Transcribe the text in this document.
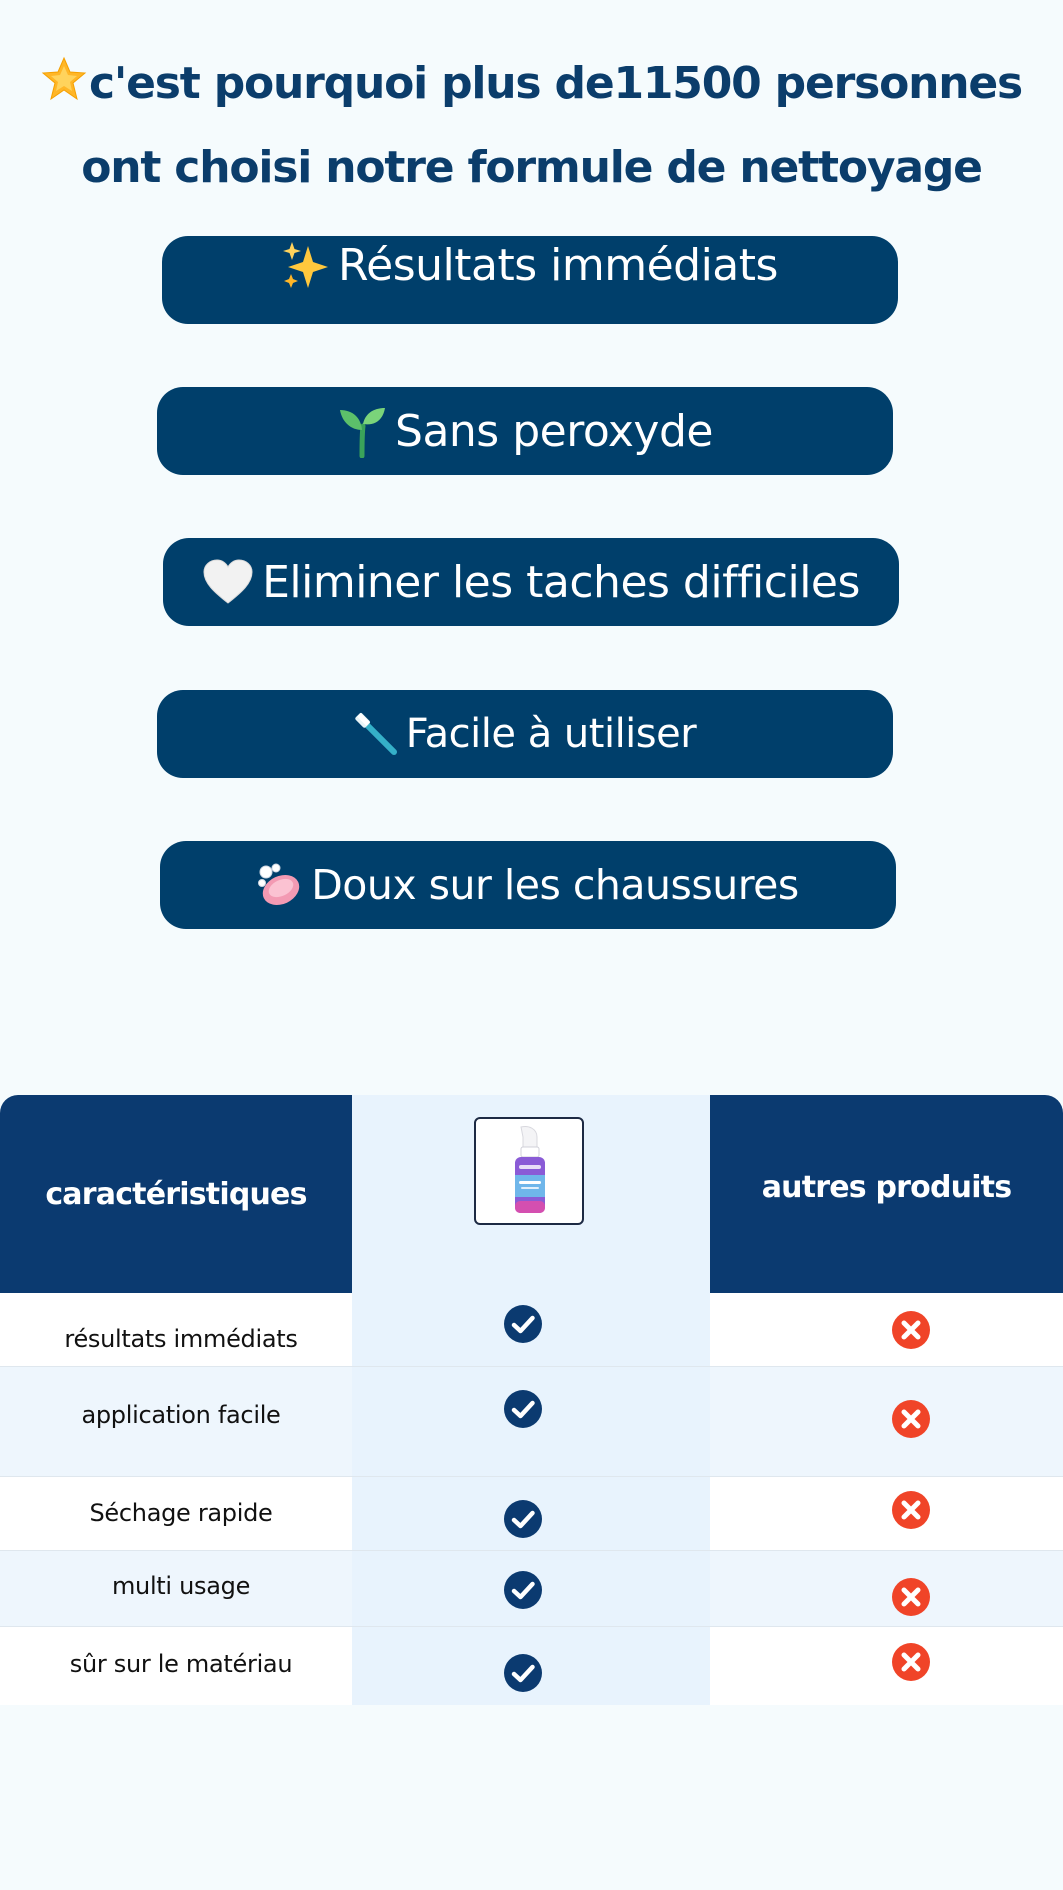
c'est pourquoi plus de11500 personnes
ont choisi notre formule de nettoyage
Résultats immédiats
Sans peroxyde
Eliminer les taches difficiles
Facile à utiliser
Doux sur les chaussures
caractéristiques	autres produits
résultats immédiats
application facile
Séchage rapide
multi usage
sûr sur le matériau
